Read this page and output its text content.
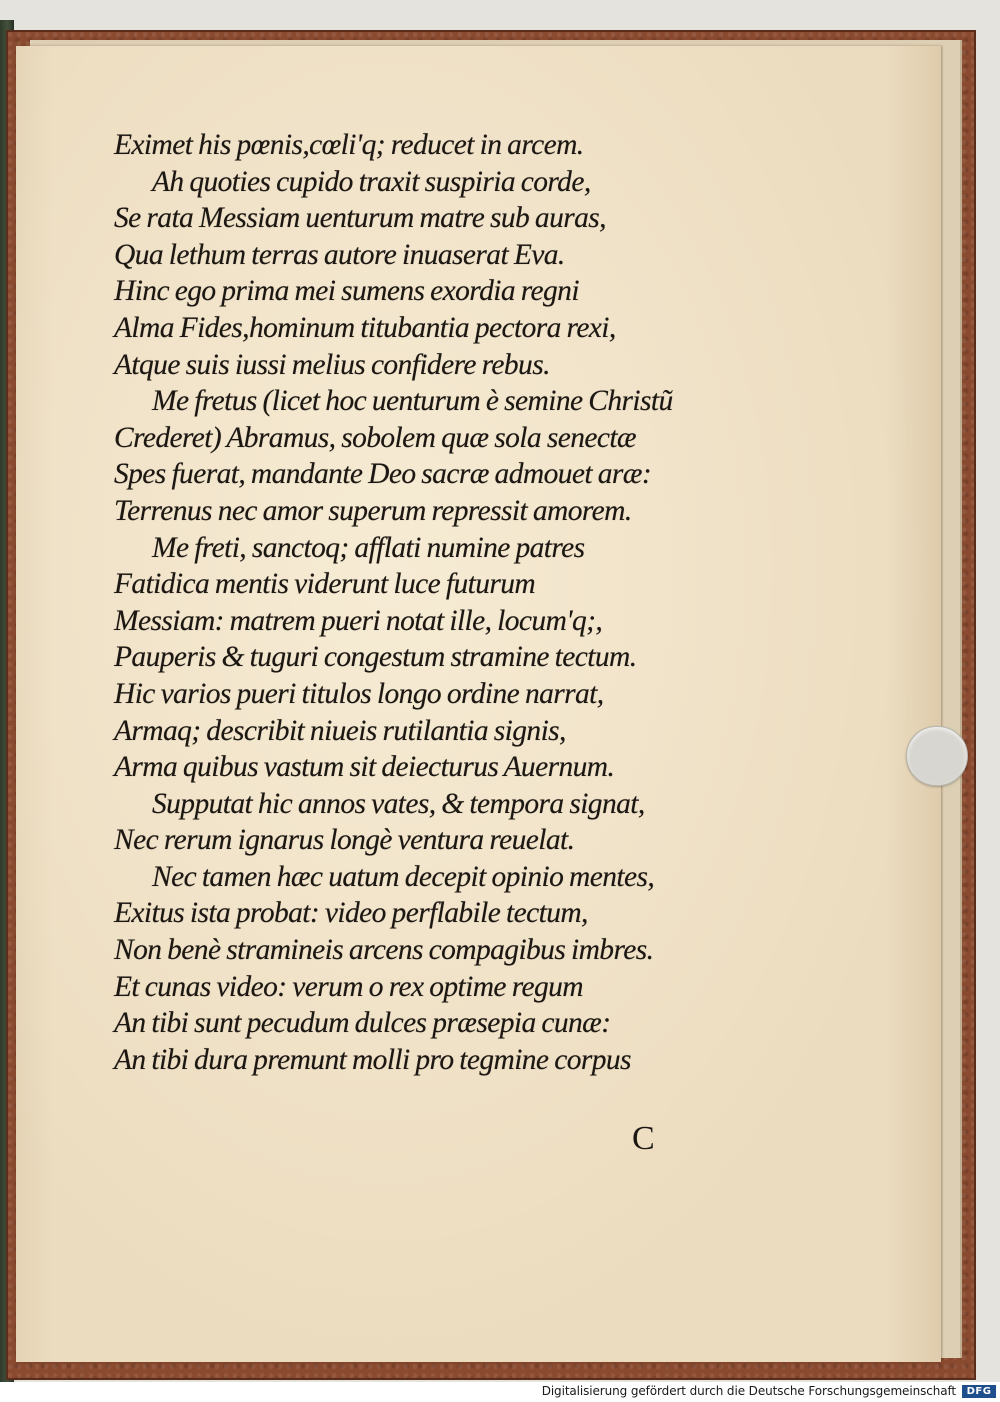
Eximet his pœnis,cœli'q; reducet in arcem.
Ah quoties cupido traxit suspiria corde,
Se rata Messiam uenturum matre sub auras,
Qua lethum terras autore inuaserat Eva.
Hinc ego prima mei sumens exordia regni
Alma Fides,hominum titubantia pectora rexi,
Atque suis iussi melius confidere rebus.
Me fretus (licet hoc uenturum è semine Christũ
Crederet) Abramus, sobolem quæ sola senectæ
Spes fuerat, mandante Deo sacræ admouet aræ:
Terrenus nec amor superum repressit amorem.
Me freti, sanctoq; afflati numine patres
Fatidica mentis viderunt luce futurum
Messiam: matrem pueri notat ille, locum'q;,
Pauperis & tuguri congestum stramine tectum.
Hic varios pueri titulos longo ordine narrat,
Armaq; describit niueis rutilantia signis,
Arma quibus vastum sit deiecturus Auernum.
Supputat hic annos vates, & tempora signat,
Nec rerum ignarus longè ventura reuelat.
Nec tamen hæc uatum decepit opinio mentes,
Exitus ista probat: video perflabile tectum,
Non benè stramineis arcens compagibus imbres.
Et cunas video: verum o rex optime regum
An tibi sunt pecudum dulces præsepia cunæ:
An tibi dura premunt molli pro tegmine corpus
C
Digitalisierung gefördert durch die Deutsche Forschungsgemeinschaft	DFG
